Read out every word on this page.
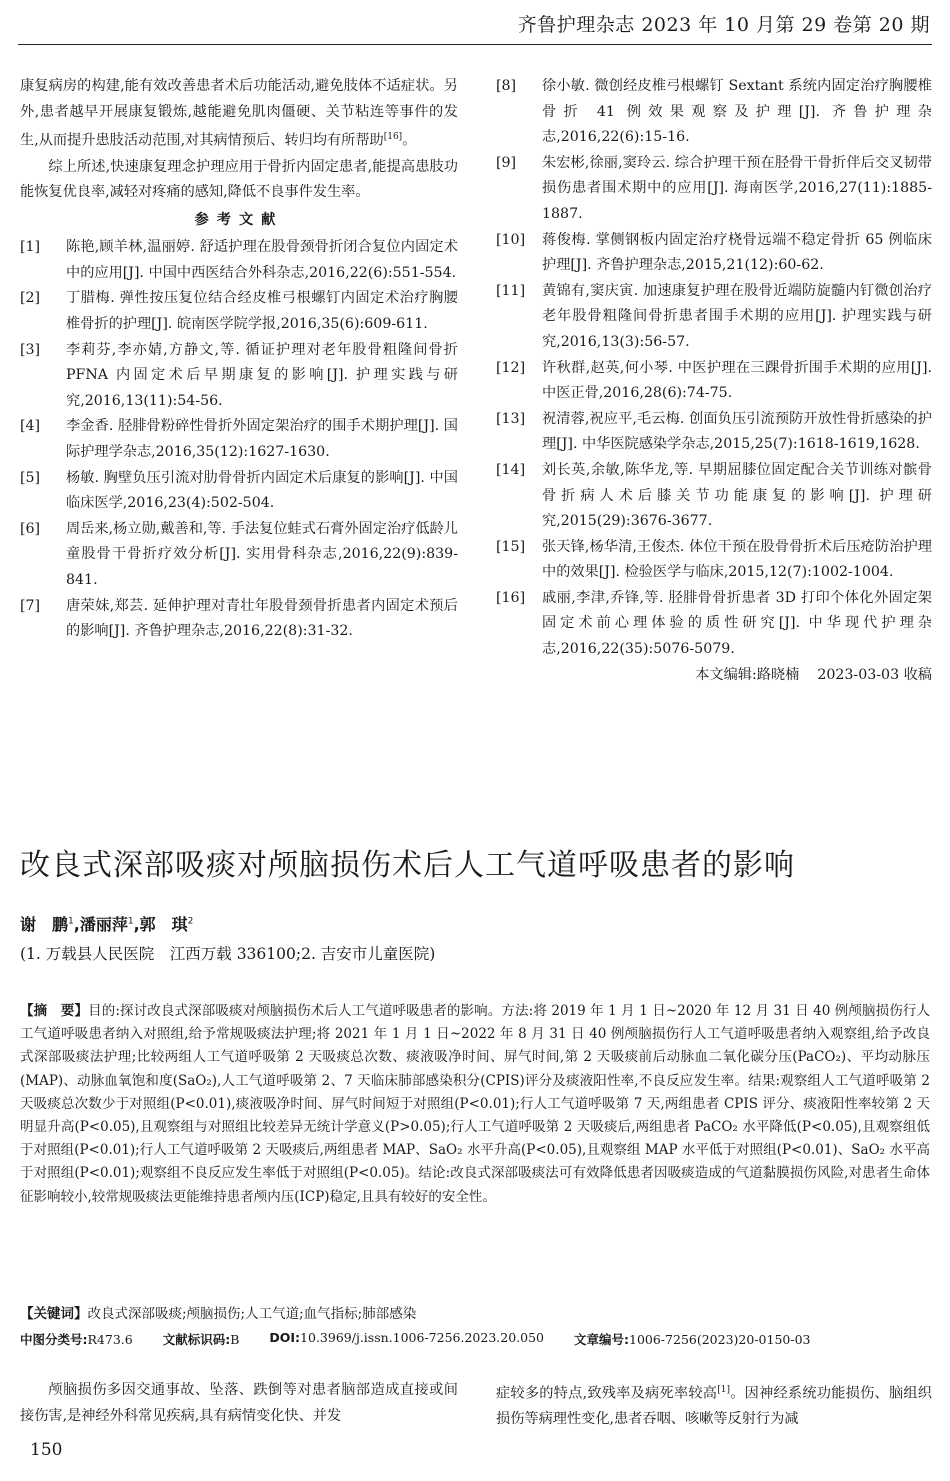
齐鲁护理杂志 2023 年 10 月第 29 卷第 20 期

康复病房的构建,能有效改善患者术后功能活动,避免肢体不适症状。另外,患者越早开展康复锻炼,越能避免肌肉僵硬、关节粘连等事件的发生,从而提升患肢活动范围,对其病情预后、转归均有所帮助[16]。

综上所述,快速康复理念护理应用于骨折内固定患者,能提高患肢功能恢复优良率,减轻对疼痛的感知,降低不良事件发生率。

参考文献
[1]	陈艳,顾羊林,温丽婷. 舒适护理在股骨颈骨折闭合复位内固定术中的应用[J]. 中国中西医结合外科杂志,2016,22(6):551-554.
[2]	丁腊梅. 弹性按压复位结合经皮椎弓根螺钉内固定术治疗胸腰椎骨折的护理[J]. 皖南医学院学报,2016,35(6):609-611.
[3]	李莉芬,李亦婧,方静文,等. 循证护理对老年股骨粗隆间骨折 PFNA 内固定术后早期康复的影响[J]. 护理实践与研究,2016,13(11):54-56.
[4]	李金香. 胫腓骨粉碎性骨折外固定架治疗的围手术期护理[J]. 国际护理学杂志,2016,35(12):1627-1630.
[5]	杨敏. 胸壁负压引流对肋骨骨折内固定术后康复的影响[J]. 中国临床医学,2016,23(4):502-504.
[6]	周岳来,杨立勋,戴善和,等. 手法复位蛙式石膏外固定治疗低龄儿童股骨干骨折疗效分析[J]. 实用骨科杂志,2016,22(9):839-841.
[7]	唐荣妹,郑芸. 延伸护理对青壮年股骨颈骨折患者内固定术预后的影响[J]. 齐鲁护理杂志,2016,22(8):31-32.
[8]	徐小敏. 微创经皮椎弓根螺钉 Sextant 系统内固定治疗胸腰椎骨折 41 例效果观察及护理[J]. 齐鲁护理杂志,2016,22(6):15-16.
[9]	朱宏彬,徐丽,窦玲云. 综合护理干预在胫骨干骨折伴后交叉韧带损伤患者围术期中的应用[J]. 海南医学,2016,27(11):1885-1887.
[10]	蒋俊梅. 掌侧钢板内固定治疗桡骨远端不稳定骨折 65 例临床护理[J]. 齐鲁护理杂志,2015,21(12):60-62.
[11]	黄锦有,窦庆寅. 加速康复护理在股骨近端防旋髓内钉微创治疗老年股骨粗隆间骨折患者围手术期的应用[J]. 护理实践与研究,2016,13(3):56-57.
[12]	许秋群,赵英,何小琴. 中医护理在三踝骨折围手术期的应用[J]. 中医正骨,2016,28(6):74-75.
[13]	祝清蓉,祝应平,毛云梅. 创面负压引流预防开放性骨折感染的护理[J]. 中华医院感染学杂志,2015,25(7):1618-1619,1628.
[14]	刘长英,余敏,陈华龙,等. 早期屈膝位固定配合关节训练对髌骨骨折病人术后膝关节功能康复的影响[J]. 护理研究,2015(29):3676-3677.
[15]	张天锋,杨华清,王俊杰. 体位干预在股骨骨折术后压疮防治护理中的效果[J]. 检验医学与临床,2015,12(7):1002-1004.
[16]	戚丽,李津,乔锋,等. 胫腓骨骨折患者 3D 打印个体化外固定架固定术前心理体验的质性研究[J]. 中华现代护理杂志,2016,22(35):5076-5079.
本文编辑:路晓楠 2023-03-03 收稿
改良式深部吸痰对颅脑损伤术后人工气道呼吸患者的影响
谢　鹏$^1$,潘丽萍$^1$,郭　琪$^2$
(1. 万载县人民医院　江西万载 336100;2. 吉安市儿童医院)

【摘　要】目的:探讨改良式深部吸痰对颅脑损伤术后人工气道呼吸患者的影响。方法:将 2019 年 1 月 1 日~2020 年 12 月 31 日 40 例颅脑损伤行人工气道呼吸患者纳入对照组,给予常规吸痰法护理;将 2021 年 1 月 1 日~2022 年 8 月 31 日 40 例颅脑损伤行人工气道呼吸患者纳入观察组,给予改良式深部吸痰法护理;比较两组人工气道呼吸第 2 天吸痰总次数、痰液吸净时间、屏气时间,第 2 天吸痰前后动脉血二氧化碳分压(PaCO₂)、平均动脉压(MAP)、动脉血氧饱和度(SaO₂),人工气道呼吸第 2、7 天临床肺部感染积分(CPIS)评分及痰液阳性率,不良反应发生率。结果:观察组人工气道呼吸第 2 天吸痰总次数少于对照组(P<0.01),痰液吸净时间、屏气时间短于对照组(P<0.01);行人工气道呼吸第 7 天,两组患者 CPIS 评分、痰液阳性率较第 2 天明显升高(P<0.05),且观察组与对照组比较差异无统计学意义(P>0.05);行人工气道呼吸第 2 天吸痰后,两组患者 PaCO₂ 水平降低(P<0.05),且观察组低于对照组(P<0.01);行人工气道呼吸第 2 天吸痰后,两组患者 MAP、SaO₂ 水平升高(P<0.05),且观察组 MAP 水平低于对照组(P<0.01)、SaO₂ 水平高于对照组(P<0.01);观察组不良反应发生率低于对照组(P<0.05)。结论:改良式深部吸痰法可有效降低患者因吸痰造成的气道黏膜损伤风险,对患者生命体征影响较小,较常规吸痰法更能维持患者颅内压(ICP)稳定,且具有较好的安全性。

【关键词】改良式深部吸痰;颅脑损伤;人工气道;血气指标;肺部感染
中图分类号:R473.6 文献标识码:B DOI:10.3969/j.issn.1006-7256.2023.20.050 文章编号:1006-7256(2023)20-0150-03

颅脑损伤多因交通事故、坠落、跌倒等对患者脑部造成直接或间接伤害,是神经外科常见疾病,具有病情变化快、并发

症较多的特点,致残率及病死率较高[1]。因神经系统功能损伤、脑组织损伤等病理性变化,患者吞咽、咳嗽等反射行为减

150
